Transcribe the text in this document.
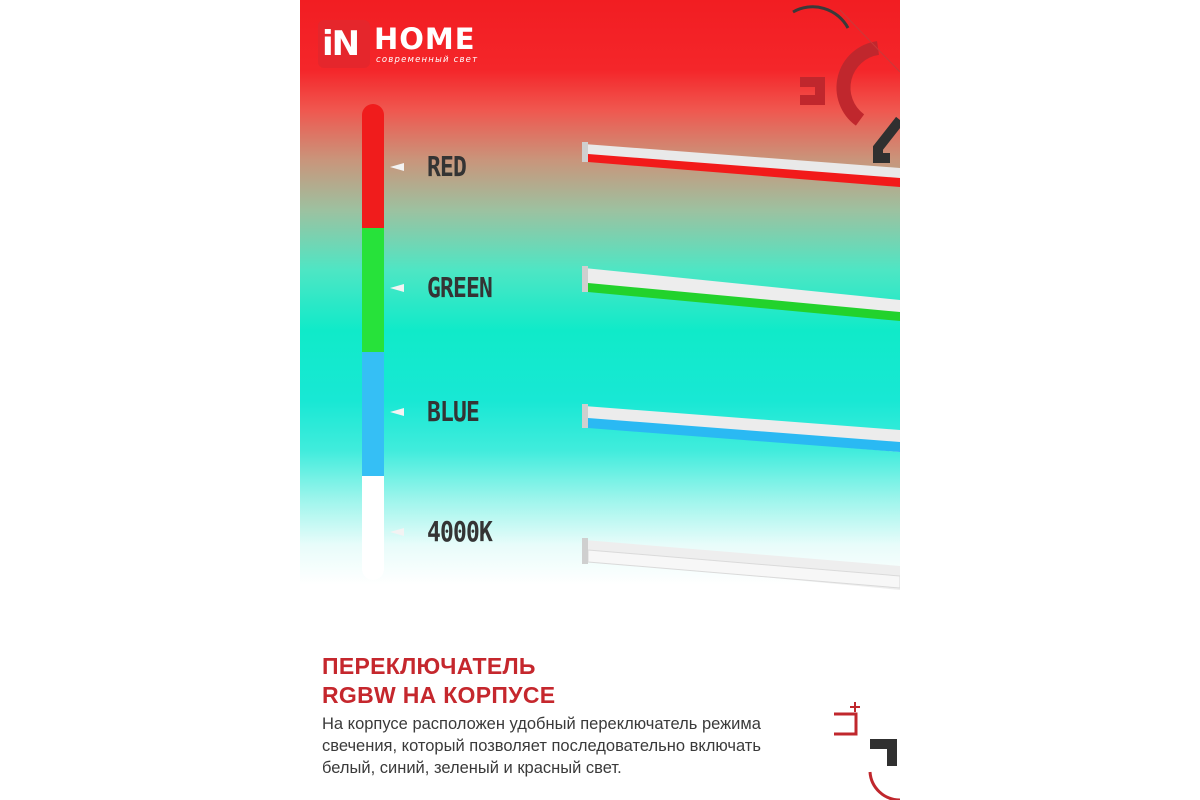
iN HOME
современный свет
RED
GREEN
BLUE
4000K
ПЕРЕКЛЮЧАТЕЛЬ
RGBW НА КОРПУСЕ
На корпусе расположен удобный переключатель режима свечения, который позволяет последовательно включать белый, синий, зеленый и красный свет.
